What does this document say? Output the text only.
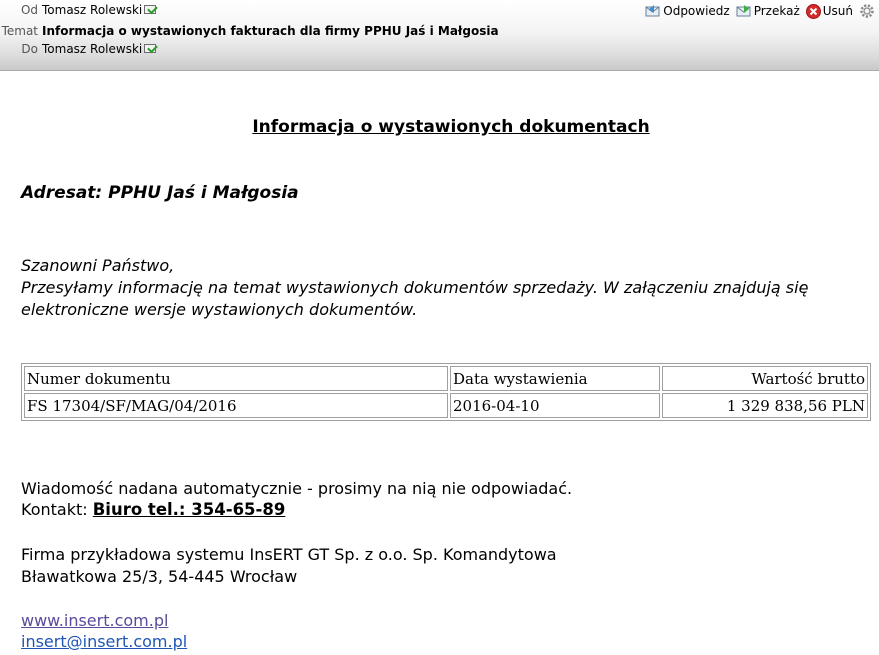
Od Tomasz Rolewski
Temat Informacja o wystawionych fakturach dla firmy PPHU Jaś i Małgosia
Do Tomasz Rolewski
Odpowiedz Przekaż Usuń
Informacja o wystawionych dokumentach
Adresat: PPHU Jaś i Małgosia

Szanowni Państwo,

Przesyłamy informację na temat wystawionych dokumentów sprzedaży. W załączeniu znajdują się elektroniczne wersje wystawionych dokumentów.

Numer dokumentu	Data wystawienia	Wartość brutto
FS 17304/SF/MAG/04/2016	2016-04-10	1 329 838,56 PLN
Wiadomość nadana automatycznie - prosimy na nią nie odpowiadać.
Kontakt: Biuro tel.: 354-65-89
Firma przykładowa systemu InsERT GT Sp. z o.o. Sp. Komandytowa
Bławatkowa 25/3, 54-445 Wrocław
www.insert.com.pl
insert@insert.com.pl
